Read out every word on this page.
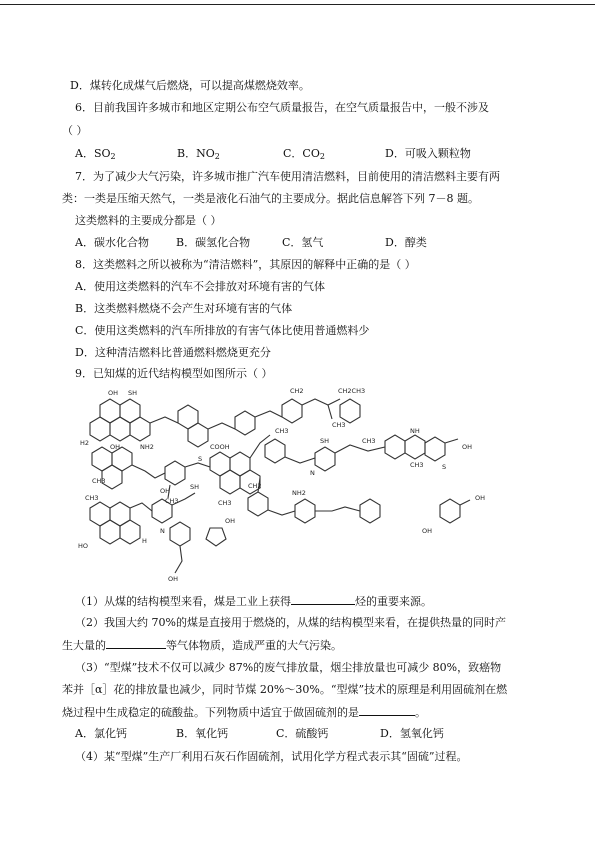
D．煤转化成煤气后燃烧，可以提高煤燃烧效率。
6．目前我国许多城市和地区定期公布空气质量报告，在空气质量报告中，一般不涉及
（ ）
A．$SO_2$	B．$NO_2$	C．$CO_2$	D．可吸入颗粒物
7．为了减少大气污染，许多城市推广汽车使用清洁燃料，目前使用的清洁燃料主要有两
类：一类是压缩天然气，一类是液化石油气的主要成分。据此信息解答下列 7－8 题。
这类燃料的主要成分都是（ ）
A．碳水化合物 B．碳氢化合物	C．氢气	D．醇类
8．这类燃料之所以被称为“清洁燃料”，其原因的解释中正确的是（ ）
A．使用这类燃料的汽车不会排放对环境有害的气体
B．这类燃料燃烧不会产生对环境有害的气体
C．使用这类燃料的汽车所排放的有害气体比使用普通燃料少
D．这种清洁燃料比普通燃料燃烧更充分
9．已知煤的近代结构模型如图所示（ ）
OH SH	CH2
CH3
CH2CH3
OH	NH2	COOH
H2
CH3
SH	CH3
NH
CH3
OH
S
N
CH3
S
CH3
OH
CH3
SH	CH2
N
HO
H
CH3
OH
NH2
OH
OH
OH
（1）从煤的结构模型来看，煤是工业上获得	烃的重要来源。
（2）我国大约 70%的煤是直接用于燃烧的，从煤的结构模型来看，在提供热量的同时产
生大量的	等气体物质，造成严重的大气污染。
（3）“型煤”技术不仅可以减少 87%的废气排放量，烟尘排放量也可减少 80%，致癌物
苯并［α］花的排放量也减少，同时节煤 20%～30%。“型煤”技术的原理是利用固硫剂在燃
烧过程中生成稳定的硫酸盐。下列物质中适宜于做固硫剂的是	。
A．氯化钙	B．氧化钙	C．硫酸钙	D．氢氧化钙
（4）某“型煤”生产厂利用石灰石作固硫剂，试用化学方程式表示其“固硫”过程。
